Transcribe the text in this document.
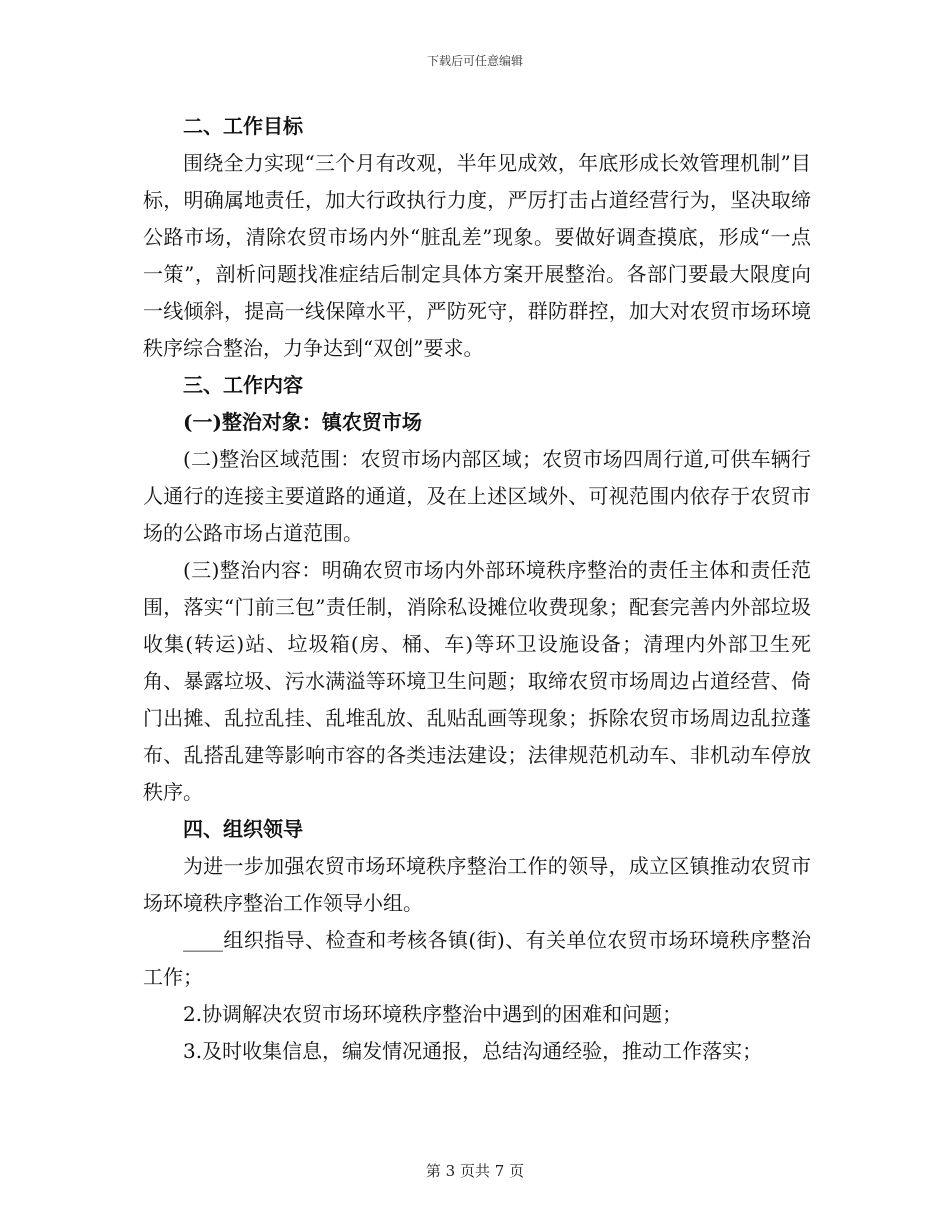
下载后可任意编辑

二、工作目标

围绕全力实现“三个月有改观，半年见成效，年底形成长效管理机制”目标，明确属地责任，加大行政执行力度，严厉打击占道经营行为，坚决取缔公路市场，清除农贸市场内外“脏乱差”现象。要做好调查摸底，形成“一点一策”，剖析问题找准症结后制定具体方案开展整治。各部门要最大限度向一线倾斜，提高一线保障水平，严防死守，群防群控，加大对农贸市场环境秩序综合整治，力争达到“双创”要求。

三、工作内容

(一)整治对象：镇农贸市场

(二)整治区域范围：农贸市场内部区域；农贸市场四周行道,可供车辆行人通行的连接主要道路的通道，及在上述区域外、可视范围内依存于农贸市场的公路市场占道范围。

(三)整治内容：明确农贸市场内外部环境秩序整治的责任主体和责任范围，落实“门前三包”责任制，消除私设摊位收费现象；配套完善内外部垃圾收集(转运)站、垃圾箱(房、桶、车)等环卫设施设备；清理内外部卫生死角、暴露垃圾、污水满溢等环境卫生问题；取缔农贸市场周边占道经营、倚门出摊、乱拉乱挂、乱堆乱放、乱贴乱画等现象；拆除农贸市场周边乱拉蓬布、乱搭乱建等影响市容的各类违法建设；法律规范机动车、非机动车停放秩序。

四、组织领导

为进一步加强农贸市场环境秩序整治工作的领导，成立区镇推动农贸市场环境秩序整治工作领导小组。

____组织指导、检查和考核各镇(街)、有关单位农贸市场环境秩序整治工作；

2.协调解决农贸市场环境秩序整治中遇到的困难和问题；

3.及时收集信息，编发情况通报，总结沟通经验，推动工作落实；

第 3 页共 7 页
